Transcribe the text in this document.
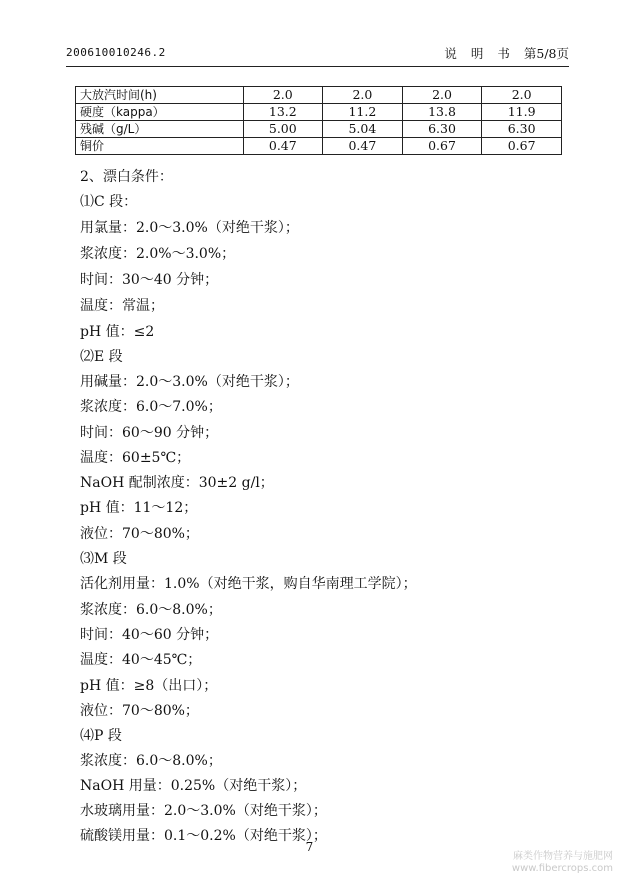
200610010246.2	说 明 书 第5/8页
大放汽时间(h)	2.0	2.0	2.0	2.0
硬度（kappa）	13.2	11.2	13.8	11.9
残碱（g/L）	5.00	5.04	6.30	6.30
铜价	0.47	0.47	0.67	0.67
2、漂白条件：
⑴C 段：
用氯量：2.0～3.0%（对绝干浆）；
浆浓度：2.0%～3.0%；
时间：30～40 分钟；
温度：常温；
pH 值：≤2
⑵E 段
用碱量：2.0～3.0%（对绝干浆）；
浆浓度：6.0～7.0%；
时间：60～90 分钟；
温度：60±5℃；
NaOH 配制浓度：30±2 g/l；
pH 值：11～12；
液位：70～80%；
⑶M 段
活化剂用量：1.0%（对绝干浆，购自华南理工学院）；
浆浓度：6.0～8.0%；
时间：40～60 分钟；
温度：40～45℃；
pH 值：≥8（出口）；
液位：70～80%；
⑷P 段
浆浓度：6.0～8.0%；
NaOH 用量：0.25%（对绝干浆）；
水玻璃用量：2.0～3.0%（对绝干浆）；
硫酸镁用量：0.1～0.2%（对绝干浆）；
7
麻类作物营养与施肥网
www.fibercrops.com
